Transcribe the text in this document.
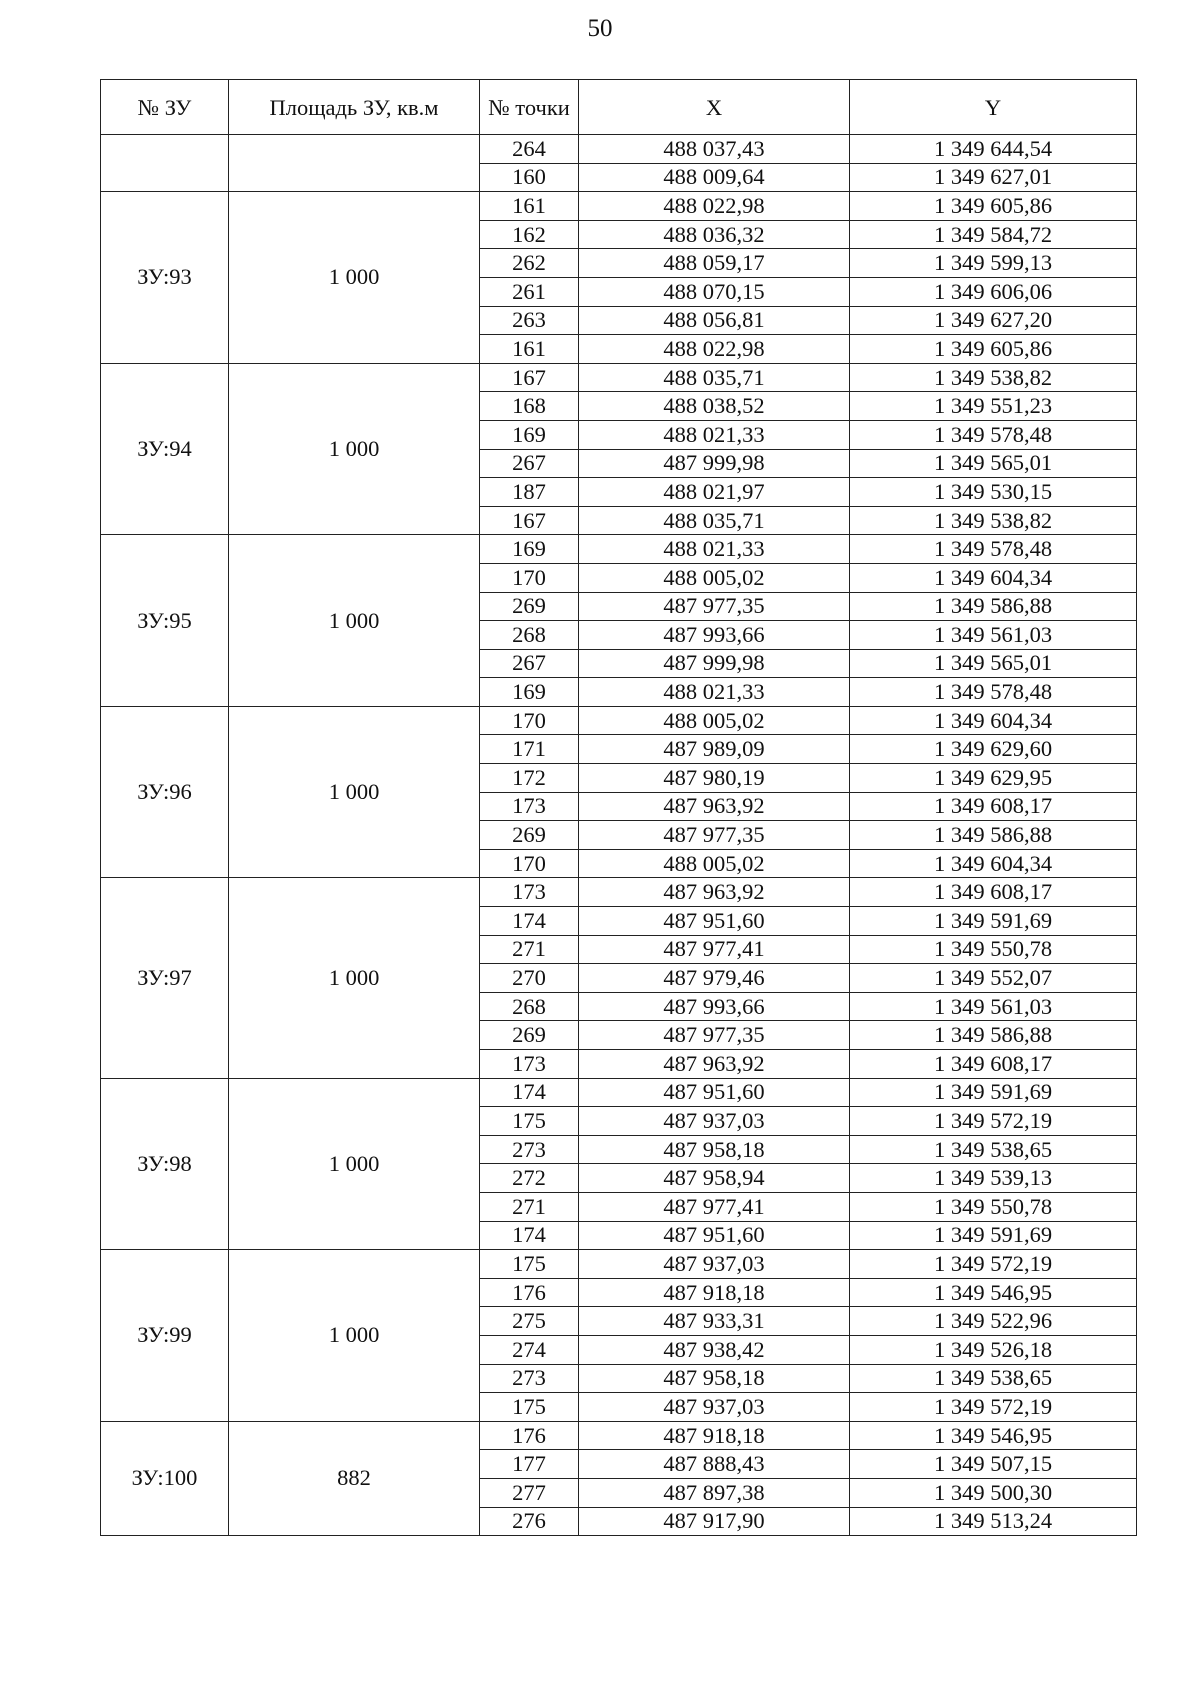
50
№ ЗУ	Площадь ЗУ, кв.м	№ точки	X	Y
		264	488 037,43	1 349 644,54
		160	488 009,64	1 349 627,01
ЗУ:93	1 000	161	488 022,98	1 349 605,86
		162	488 036,32	1 349 584,72
		262	488 059,17	1 349 599,13
		261	488 070,15	1 349 606,06
		263	488 056,81	1 349 627,20
		161	488 022,98	1 349 605,86
ЗУ:94	1 000	167	488 035,71	1 349 538,82
		168	488 038,52	1 349 551,23
		169	488 021,33	1 349 578,48
		267	487 999,98	1 349 565,01
		187	488 021,97	1 349 530,15
		167	488 035,71	1 349 538,82
ЗУ:95	1 000	169	488 021,33	1 349 578,48
		170	488 005,02	1 349 604,34
		269	487 977,35	1 349 586,88
		268	487 993,66	1 349 561,03
		267	487 999,98	1 349 565,01
		169	488 021,33	1 349 578,48
ЗУ:96	1 000	170	488 005,02	1 349 604,34
		171	487 989,09	1 349 629,60
		172	487 980,19	1 349 629,95
		173	487 963,92	1 349 608,17
		269	487 977,35	1 349 586,88
		170	488 005,02	1 349 604,34
ЗУ:97	1 000	173	487 963,92	1 349 608,17
		174	487 951,60	1 349 591,69
		271	487 977,41	1 349 550,78
		270	487 979,46	1 349 552,07
		268	487 993,66	1 349 561,03
		269	487 977,35	1 349 586,88
		173	487 963,92	1 349 608,17
ЗУ:98	1 000	174	487 951,60	1 349 591,69
		175	487 937,03	1 349 572,19
		273	487 958,18	1 349 538,65
		272	487 958,94	1 349 539,13
		271	487 977,41	1 349 550,78
		174	487 951,60	1 349 591,69
ЗУ:99	1 000	175	487 937,03	1 349 572,19
		176	487 918,18	1 349 546,95
		275	487 933,31	1 349 522,96
		274	487 938,42	1 349 526,18
		273	487 958,18	1 349 538,65
		175	487 937,03	1 349 572,19
ЗУ:100	882	176	487 918,18	1 349 546,95
		177	487 888,43	1 349 507,15
		277	487 897,38	1 349 500,30
		276	487 917,90	1 349 513,24
